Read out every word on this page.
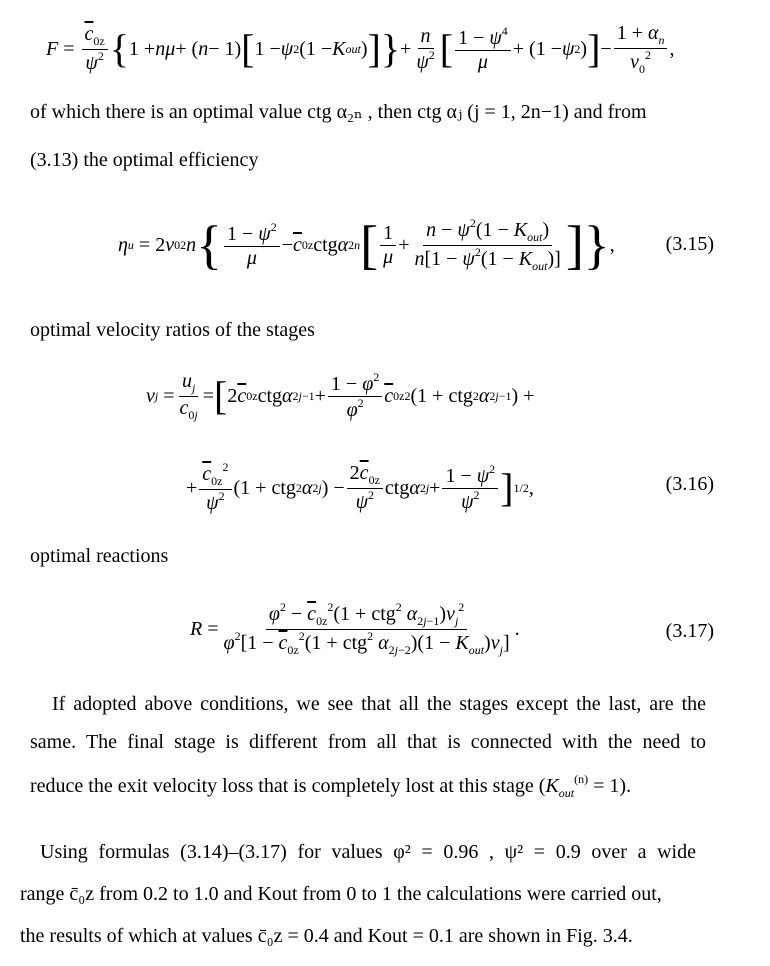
$F = \frac{\overline{c}_{0z}}{\psi^2}$ { 1 + nμ + ( n − 1) [ 1 − ψ 2 (1 − K out ) ] } + $\frac{n}{\psi^2}$ [ $\frac{1 - \psi^4}{\mu} + (1 - \psi$ 2 ) ] − $\frac{1 + \alpha_n}{v_0^2}$ ,
of which there is an optimal value ctg α₂ₙ , then ctg αⱼ (j = 1, 2n−1) and from
(3.13) the optimal efficiency
η u = 2 v 0 2 n { $\frac{1 - \psi^2}{\mu} - \overline{c}$ 0z ctg α 2n [ $\frac{1}{\mu} + \frac{n - \psi^2(1 - K_{out})}{n[1 - \psi^2(1 - K_{out})]}$ ] } ,	(3.15)
optimal velocity ratios of the stages
v $j = \frac{u_j}{c_{0j}}$ = [ 2 $\overline{c}$ 0z ctg α $2j-1 + \frac{1 - \varphi^2}{\varphi^2} \overline{c}$ 0z 2 (1 + ctg 2 α 2j−1 ) +
+ $\frac{\overline{c}_{0z}^2}{\psi^2} (1$ + ctg 2 α 2j ) − $\frac{2\overline{c}_{0z}}{\psi^2}$ ctg α $2j + \frac{1 - \psi^2}{\psi^2}$ ] 1/2 ,	(3.16)
optimal reactions
$R = \frac{\varphi^2 - \overline{c}_{0z}^2(1 + ctg^2 \alpha_{2j-1})v_j^2}{\varphi^2[1 - \overline{c}_{0z}^2(1 + ctg^2 \alpha_{2j-2})(1 - K_{out})v_j]}$ .	(3.17)
If adopted above conditions, we see that all the stages except the last, are the
same. The final stage is different from all that is connected with the need to
reduce the exit velocity loss that is completely lost at this stage $(K_{out}^{(n)} = 1)$.
Using formulas (3.14)–(3.17) for values φ² = 0.96 , ψ² = 0.9 over a wide
range c̄₀z from 0.2 to 1.0 and Kout from 0 to 1 the calculations were carried out,
the results of which at values c̄₀z = 0.4 and Kout = 0.1 are shown in Fig. 3.4.
